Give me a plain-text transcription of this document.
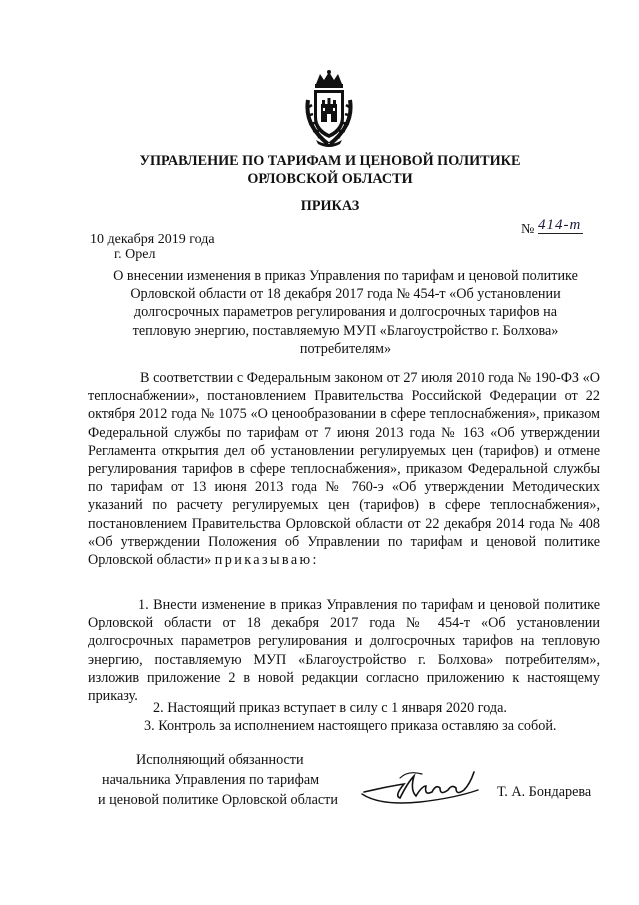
УПРАВЛЕНИЕ ПО ТАРИФАМ И ЦЕНОВОЙ ПОЛИТИКЕ
ОРЛОВСКОЙ ОБЛАСТИ
ПРИКАЗ
№ 414-т
10 декабря 2019 года
г. Орел
О внесении изменения в приказ Управления по тарифам и ценовой политике
Орловской области от 18 декабря 2017 года № 454-т «Об установлении
долгосрочных параметров регулирования и долгосрочных тарифов на
тепловую энергию, поставляемую МУП «Благоустройство г. Болхова»
потребителям»

В соответствии с Федеральным законом от 27 июля 2010 года № 190-ФЗ «О теплоснабжении», постановлением Правительства Российской Федерации от 22 октября 2012 года № 1075 «О ценообразовании в сфере теплоснабжения», приказом Федеральной службы по тарифам от 7 июня 2013 года № 163 «Об утверждении Регламента открытия дел об установлении регулируемых цен (тарифов) и отмене регулирования тарифов в сфере теплоснабжения», приказом Федеральной службы по тарифам от 13 июня 2013 года № 760-э «Об утверждении Методических указаний по расчету регулируемых цен (тарифов) в сфере теплоснабжения», постановлением Правительства Орловской области от 22 декабря 2014 года № 408 «Об утверждении Положения об Управлении по тарифам и ценовой политике Орловской области» приказываю:

1. Внести изменение в приказ Управления по тарифам и ценовой политике Орловской области от 18 декабря 2017 года № 454-т «Об установлении долгосрочных параметров регулирования и долгосрочных тарифов на тепловую энергию, поставляемую МУП «Благоустройство г. Болхова» потребителям», изложив приложение 2 в новой редакции согласно приложению к настоящему приказу.

2. Настоящий приказ вступает в силу с 1 января 2020 года.

3. Контроль за исполнением настоящего приказа оставляю за собой.

Исполняющий обязанности
начальника Управления по тарифам
и ценовой политике Орловской области	Т. А. Бондарева
